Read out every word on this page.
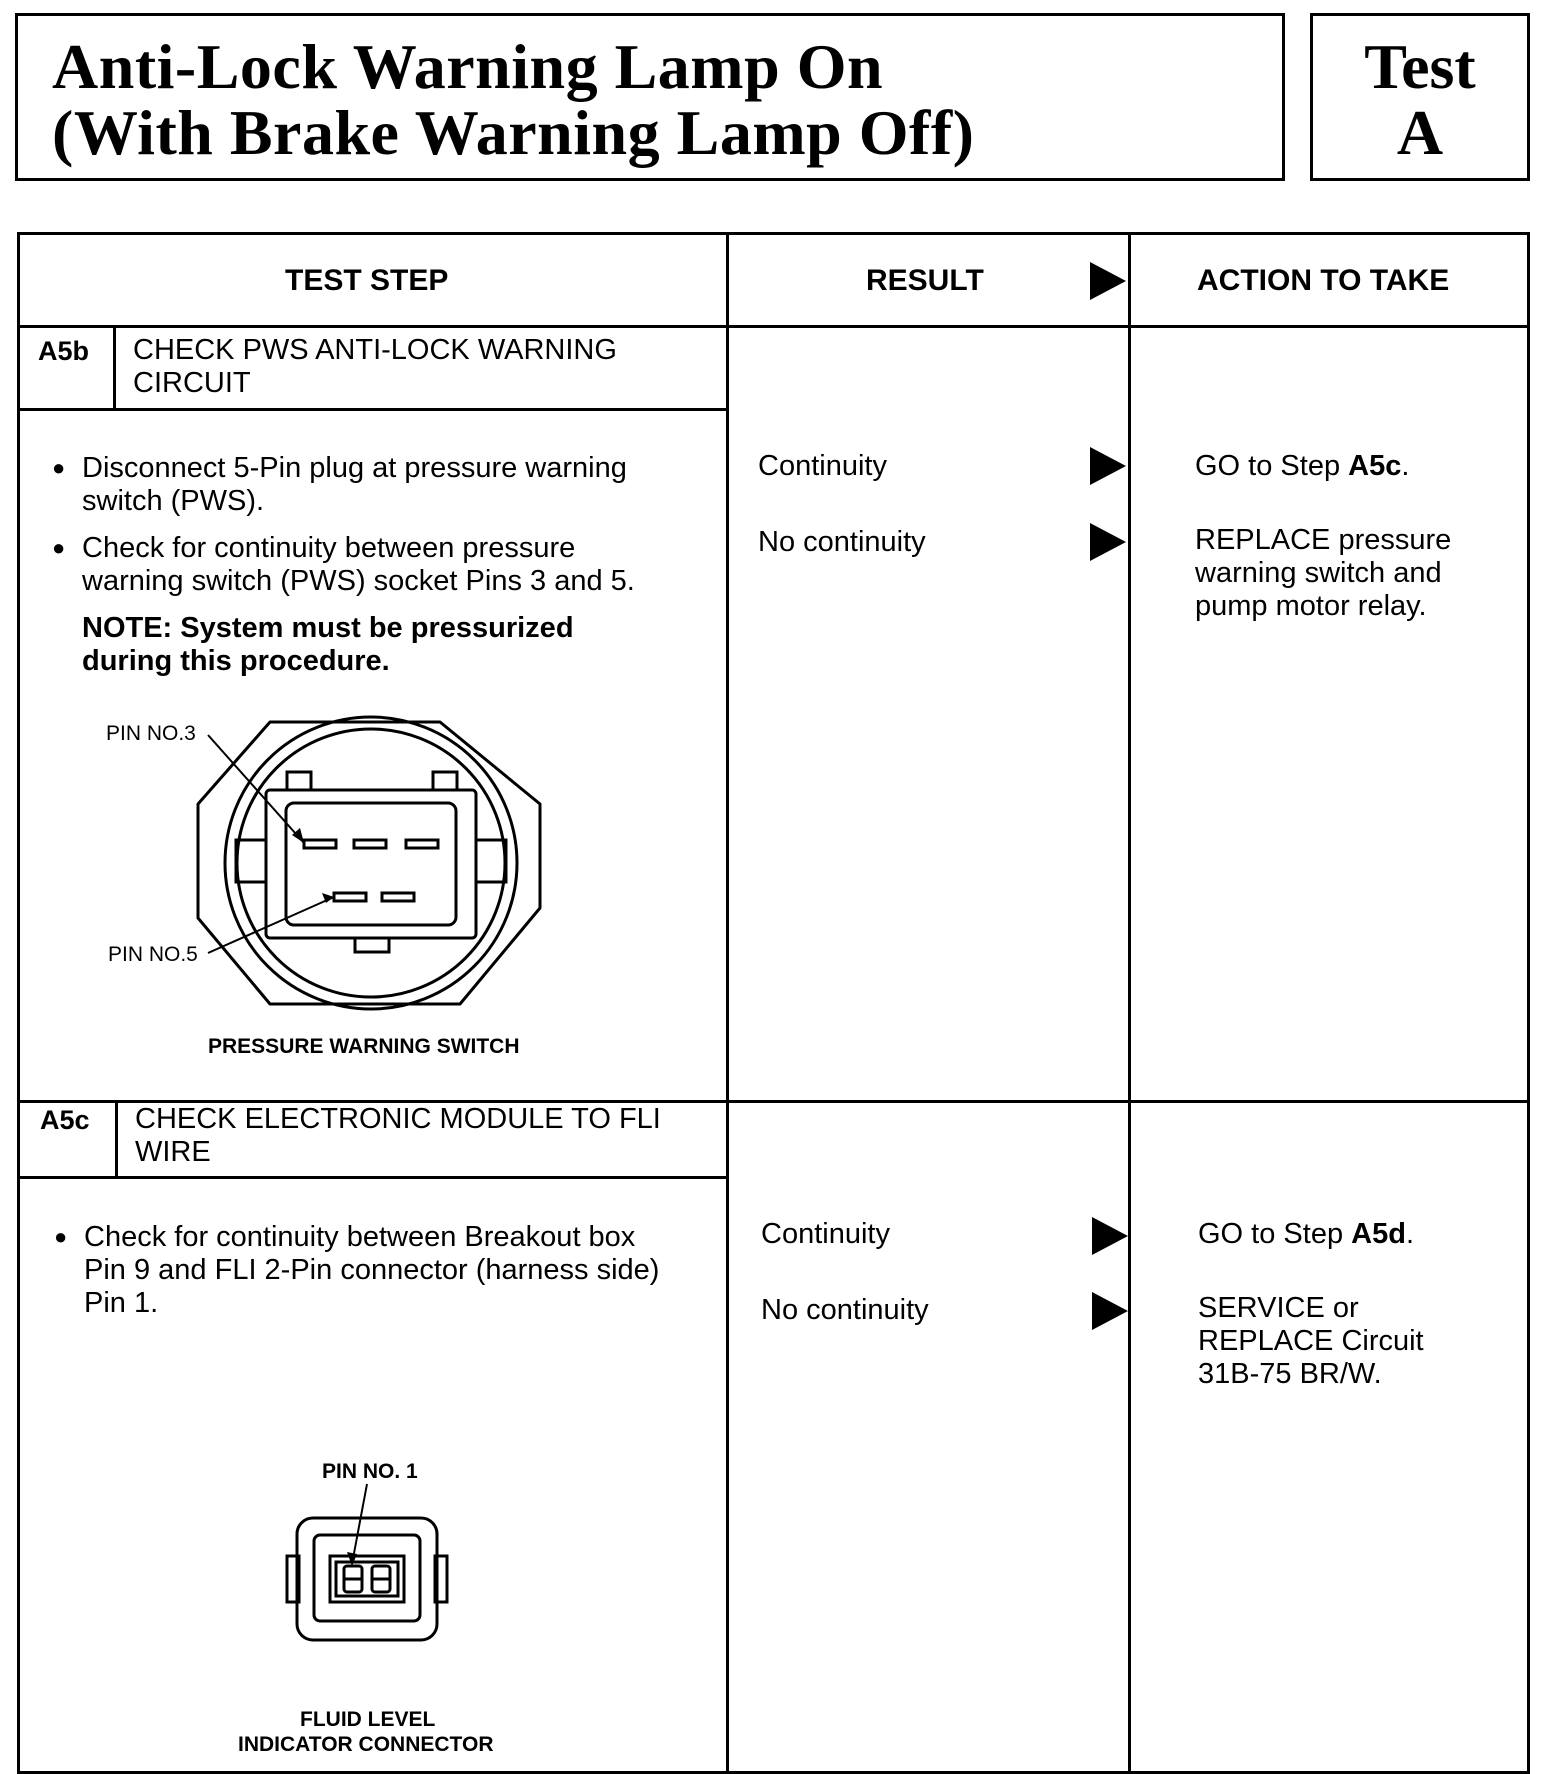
Anti-Lock Warning Lamp On
(With Brake Warning Lamp Off)
Test
A
TEST STEP	RESULT	ACTION TO TAKE
A5b CHECK PWS ANTI-LOCK WARNING
CIRCUIT
● Disconnect 5-Pin plug at pressure warning
switch (PWS).
● Check for continuity between pressure
warning switch (PWS) socket Pins 3 and 5.
NOTE: System must be pressurized
during this procedure.
PIN NO.3
PIN NO.5
PRESSURE WARNING SWITCH
Continuity	GO to Step A5c.
No continuity	REPLACE pressure
warning switch and
pump motor relay.
A5c CHECK ELECTRONIC MODULE TO FLI
WIRE
● Check for continuity between Breakout box
Pin 9 and FLI 2-Pin connector (harness side)
Pin 1.
PIN NO. 1
FLUID LEVEL
INDICATOR CONNECTOR
Continuity	GO to Step A5d.
No continuity	SERVICE or
REPLACE Circuit
31B-75 BR/W.
